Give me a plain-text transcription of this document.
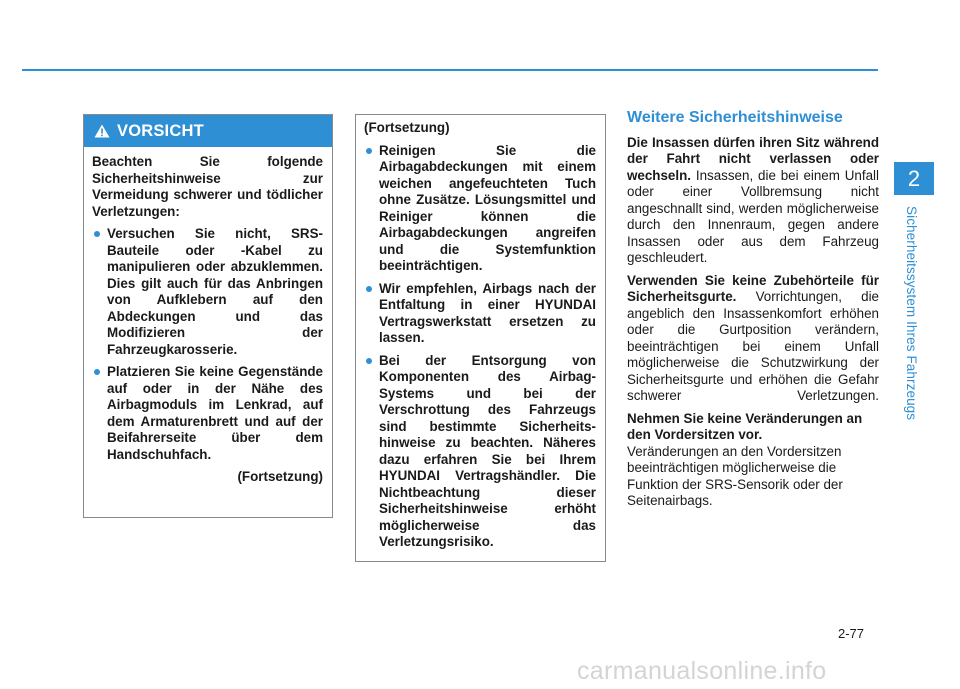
2
Sicherheitssystem Ihres Fahrzeugs
VORSICHT

Beachten Sie folgende Sicherheitshinweise zur Vermeidung schwerer und tödlicher Verletzungen:

Versuchen Sie nicht, SRS-Bauteile oder -Kabel zu manipulieren oder abzuklemmen. Dies gilt auch für das Anbringen von Aufklebern auf den Abdeckungen und das Modifizieren der Fahrzeugkarosserie.

Platzieren Sie keine Gegenstände auf oder in der Nähe des Airbagmoduls im Lenkrad, auf dem Armaturenbrett und auf der Beifahrerseite über dem Handschuhfach.

(Fortsetzung)

(Fortsetzung)

Reinigen Sie die Airbagabdeckungen mit einem weichen angefeuchteten Tuch ohne Zusätze. Lösungsmittel und Reiniger können die Airbagabdeckungen angreifen und die Systemfunktion beeinträchtigen.

Wir empfehlen, Airbags nach der Entfaltung in einer HYUNDAI Vertragswerkstatt ersetzen zu lassen.

Bei der Entsorgung von Komponenten des Airbag-Systems und bei der Verschrottung des Fahrzeugs sind bestimmte Sicherheits-hinweise zu beachten. Näheres dazu erfahren Sie bei Ihrem HYUNDAI Vertragshändler. Die Nichtbeachtung dieser Sicherheitshinweise erhöht möglicherweise das Verletzungsrisiko.

Weitere Sicherheitshinweise

Die Insassen dürfen ihren Sitz während der Fahrt nicht verlassen oder wechseln. Insassen, die bei einem Unfall oder einer Vollbremsung nicht angeschnallt sind, werden möglicherweise durch den Innenraum, gegen andere Insassen oder aus dem Fahrzeug geschleudert.

Verwenden Sie keine Zubehörteile für Sicherheitsgurte. Vorrichtungen, die angeblich den Insassenkomfort erhöhen oder die Gurtposition verändern, beeinträchtigen bei einem Unfall möglicherweise die Schutzwirkung der Sicherheitsgurte und erhöhen die Gefahr schwerer Verletzungen.

Nehmen Sie keine Veränderungen an den Vordersitzen vor.
Veränderungen an den Vordersitzen beeinträchtigen möglicherweise die Funktion der SRS-Sensorik oder der Seitenairbags.

2-77
carmanualsonline.info
